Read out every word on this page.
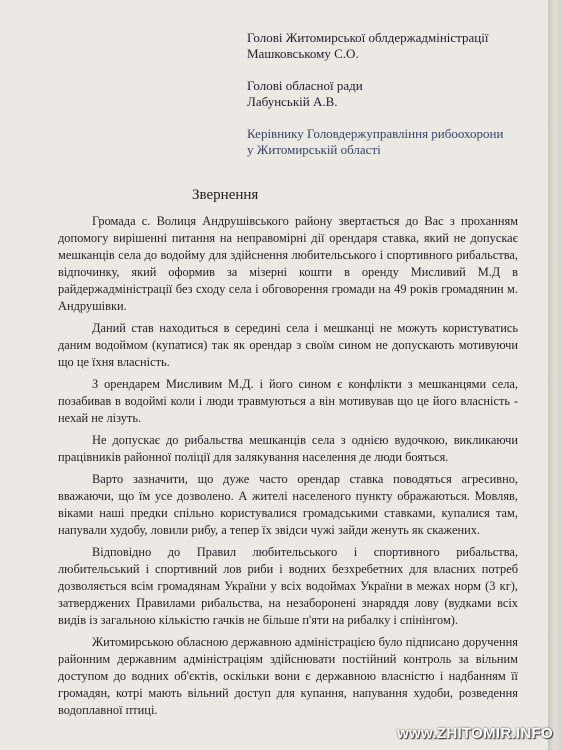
Голові Житомирської облдержадміністрації
Машковському С.О.
Голові обласної ради
Лабунській А.В.
Керівнику Головдержуправління рибоохорони
у Житомирській області
Звернення

Громада с. Волиця Андрушівського району звертається до Вас з проханням допомогу вирішенні питання на неправомірні дії орендаря ставка, який не допускає мешканців села до водойму для здійснення любительського і спортивного рибальства, відпочинку, який оформив за мізерні кошти в оренду Мисливий М.Д в райдержадміністрації без сходу села і обговорення громади на 49 років громадянин м. Андрушівки.

Даний став находиться в середині села і мешканці не можуть користуватись даним водоймом (купатися) так як орендар з своїм сином не допускають мотивуючи що це їхня власність.

З орендарем Мисливим М.Д. і його сином є конфлікти з мешканцями села, позабивав в водоймі коли і люди травмуються а він мотивував що це його власність - нехай не лізуть.

Не допускає до рибальства мешканців села з однією вудочкою, викликаючи працівників районної поліції для залякування населення де люди бояться.

Варто зазначити, що дуже часто орендар ставка поводяться агресивно, вважаючи, що їм усе дозволено. А жителі населеного пункту ображаються. Мовляв, віками наші предки спільно користувалися громадськими ставками, купалися там, напували худобу, ловили рибу, а тепер їх звідси чужі зайди женуть як скажених.

Відповідно до Правил любительського і спортивного рибальства, любительський і спортивний лов риби і водних безхребетних для власних потреб дозволяється всім громадянам України у всіх водоймах України в межах норм (3 кг), затверджених Правилами рибальства, на незаборонені знаряддя лову (вудками всіх видів із загальною кількістю гачків не більше п'яти на рибалку і спінінгом).

Житомирською обласною державною адміністрацією було підписано доручення районним державним адміністраціям здійснювати постійний контроль за вільним доступом до водних об'єктів, оскільки вони є державною власністю і надбанням її громадян, котрі мають вільний доступ для купання, напування худоби, розведення водоплавної птиці.

www.ZHITOMIR.INFO
